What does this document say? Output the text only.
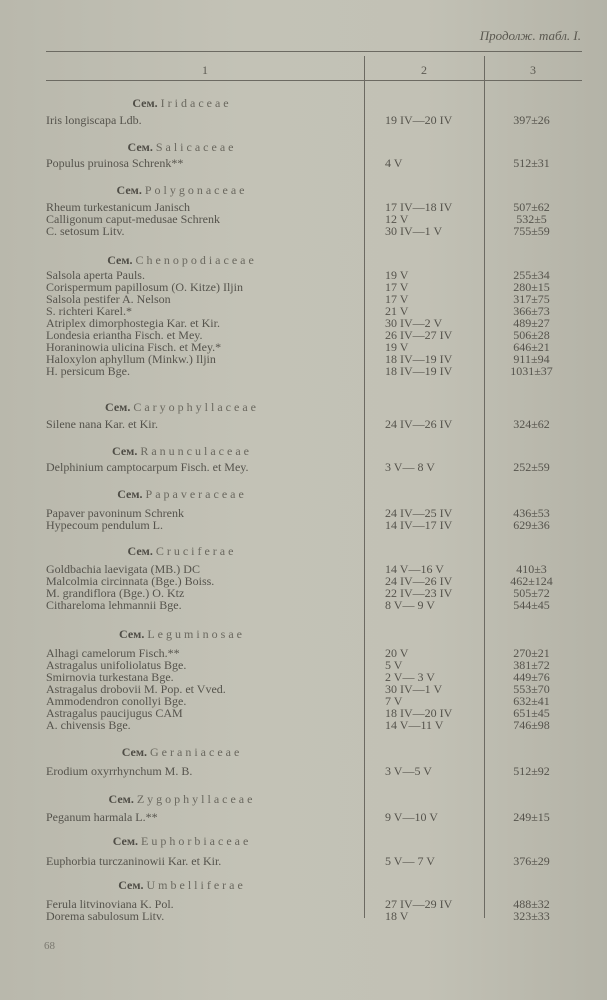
Продолж. табл. I.
1	2	3
Сем. Iridaceae
Iris longiscapa Ldb.	19 IV—20 IV	397±26
Сем. Salicaceae
Populus pruinosa Schrenk**	4 V	512±31
Сем. Polygonaceae
Rheum turkestanicum Janisch	17 IV—18 IV	507±62
Calligonum caput-medusae Schrenk	12 V	532±5
C. setosum Litv.	30 IV—1 V	755±59
Сем. Chenopodiaceae
Salsola aperta Pauls.	19 V	255±34
Corispermum papillosum (O. Kitze) Iljin	17 V	280±15
Salsola pestifer A. Nelson	17 V	317±75
S. richteri Karel.*	21 V	366±73
Atriplex dimorphostegia Kar. et Kir.	30 IV—2 V	489±27
Londesia eriantha Fisch. et Mey.	26 IV—27 IV	506±28
Horaninowia ulicina Fisch. et Mey.*	19 V	646±21
Haloxylon aphyllum (Minkw.) Iljin	18 IV—19 IV	911±94
H. persicum Bge.	18 IV—19 IV	1031±37
Сем. Caryophyllaceae
Silene nana Kar. et Kir.	24 IV—26 IV	324±62
Сем. Ranunculaceae
Delphinium camptocarpum Fisch. et Mey.	3 V— 8 V	252±59
Сем. Papaveraceae
Papaver pavoninum Schrenk	24 IV—25 IV	436±53
Hypecoum pendulum L.	14 IV—17 IV	629±36
Сем. Cruciferae
Goldbachia laevigata (MB.) DC	14 V—16 V	410±3
Malcolmia circinnata (Bge.) Boiss.	24 IV—26 IV	462±124
M. grandiflora (Bge.) O. Ktz	22 IV—23 IV	505±72
Cithareloma lehmannii Bge.	8 V— 9 V	544±45
Сем. Leguminosae
Alhagi camelorum Fisch.**	20 V	270±21
Astragalus unifoliolatus Bge.	5 V	381±72
Smirnovia turkestana Bge.	2 V— 3 V	449±76
Astragalus drobovii M. Pop. et Vved.	30 IV—1 V	553±70
Ammodendron conollyi Bge.	7 V	632±41
Astragalus paucijugus CAM	18 IV—20 IV	651±45
A. chivensis Bge.	14 V—11 V	746±98
Сем. Geraniaceae
Erodium oxyrrhynchum M. B.	3 V—5 V	512±92
Сем. Zygophyllaceae
Peganum harmala L.**	9 V—10 V	249±15
Сем. Euphorbiaceae
Euphorbia turczaninowii Kar. et Kir.	5 V— 7 V	376±29
Сем. Umbelliferae
Ferula litvinoviana K. Pol.	27 IV—29 IV	488±32
Dorema sabulosum Litv.	18 V	323±33
68
